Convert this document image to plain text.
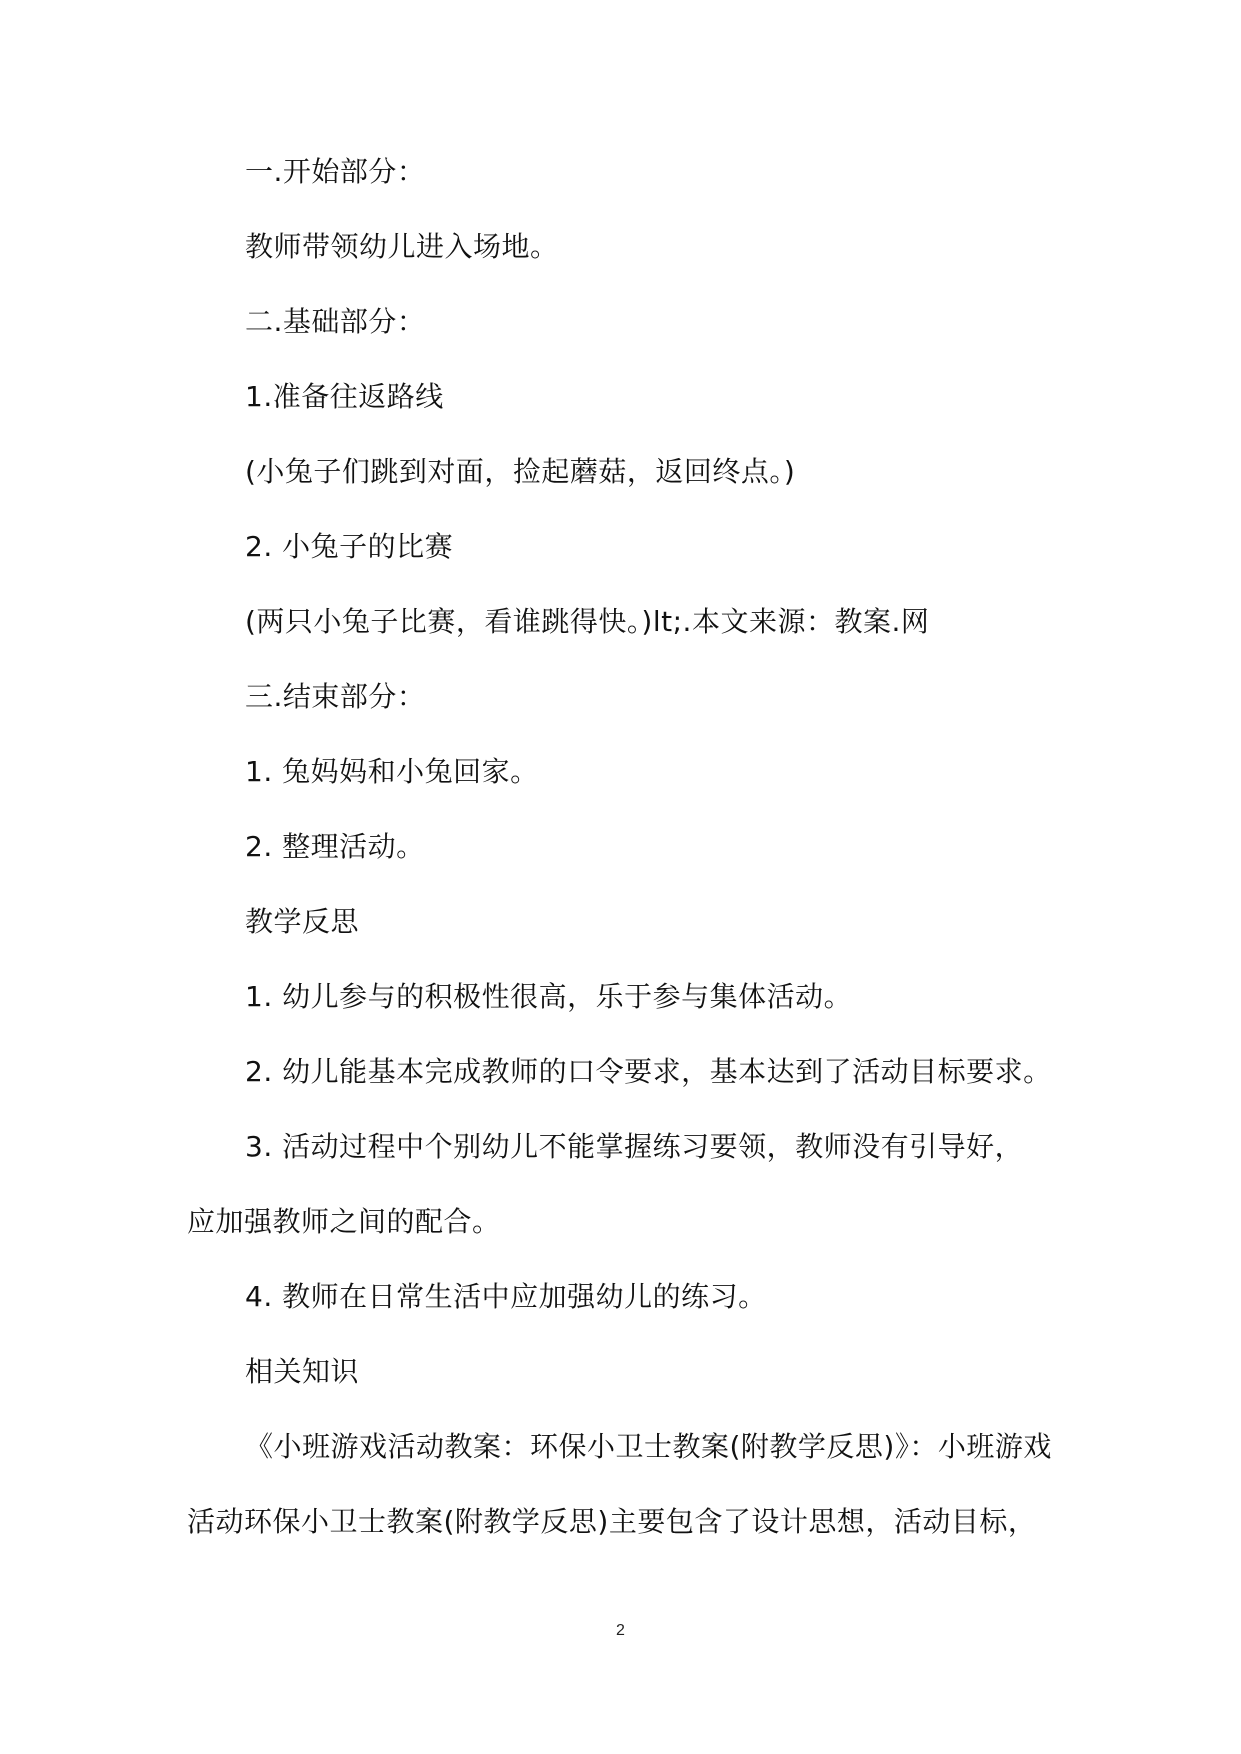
一.开始部分：
教师带领幼儿进入场地。
二.基础部分：
1.准备往返路线
(小兔子们跳到对面，捡起蘑菇，返回终点。)
2. 小兔子的比赛
(两只小兔子比赛，看谁跳得快。)lt;.本文来源：教案.网
三.结束部分：
1. 兔妈妈和小兔回家。
2. 整理活动。
教学反思
1. 幼儿参与的积极性很高，乐于参与集体活动。
2. 幼儿能基本完成教师的口令要求，基本达到了活动目标要求。
3. 活动过程中个别幼儿不能掌握练习要领，教师没有引导好，
应加强教师之间的配合。
4. 教师在日常生活中应加强幼儿的练习。
相关知识
《小班游戏活动教案：环保小卫士教案(附教学反思)》：小班游戏
活动环保小卫士教案(附教学反思)主要包含了设计思想，活动目标，
2
